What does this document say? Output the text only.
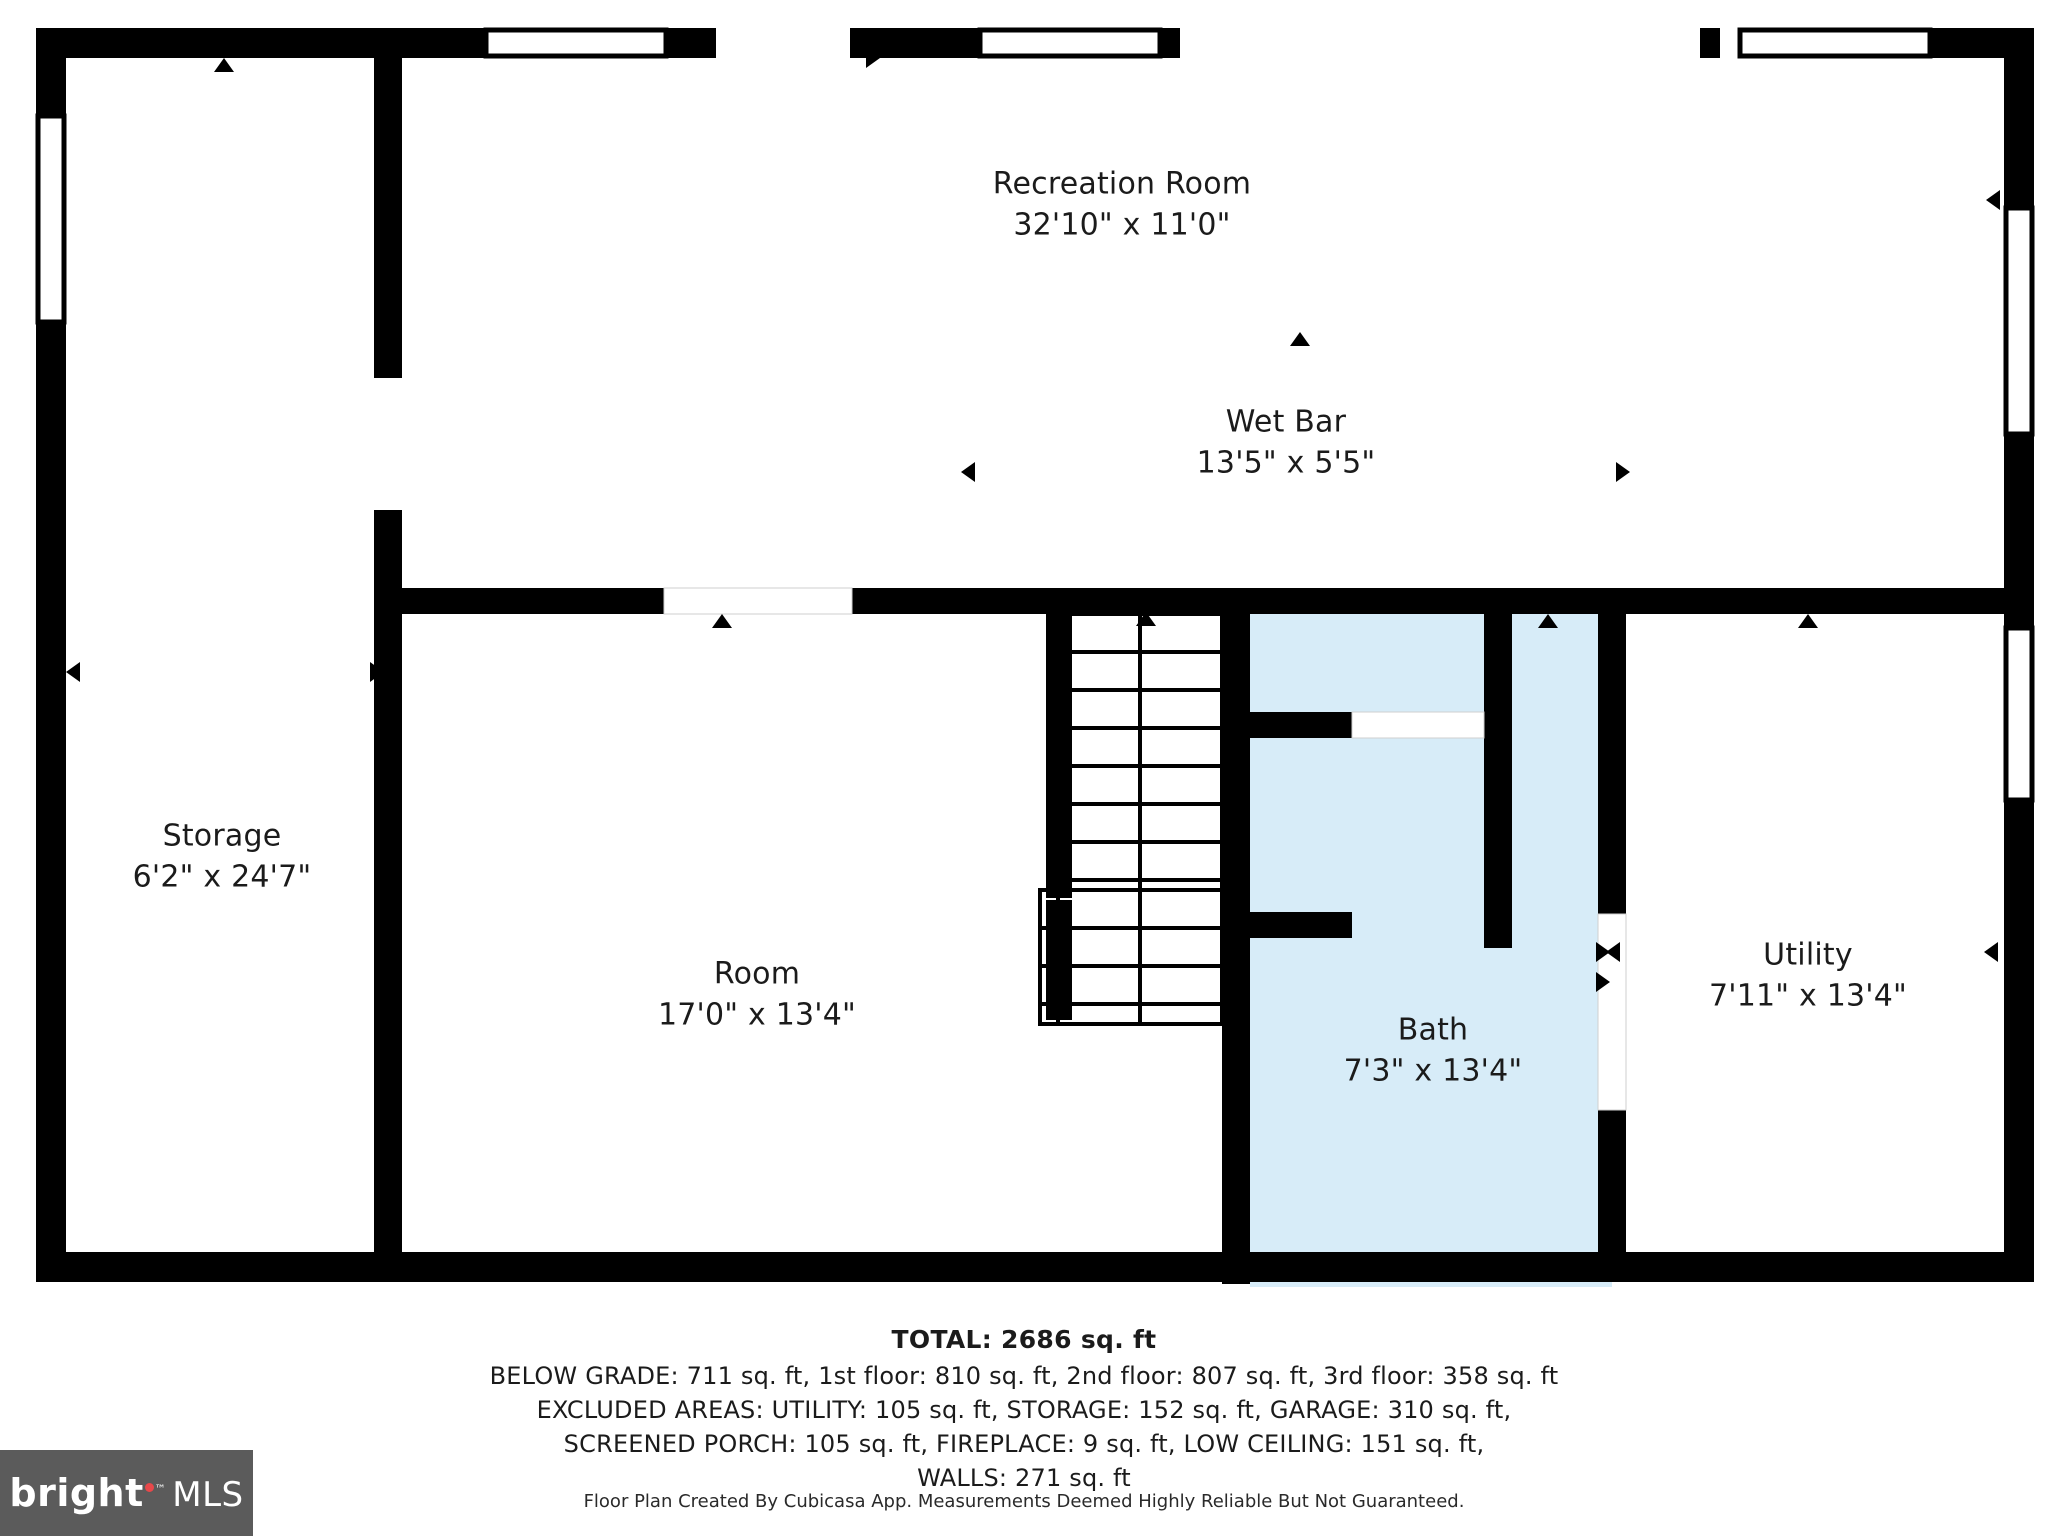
Recreation Room
32'10" x 11'0"
Wet Bar
13'5" x 5'5"
Storage
6'2" x 24'7"
Room
17'0" x 13'4"	Bath
7'3" x 13'4"
Utility
7'11" x 13'4"
TOTAL: 2686 sq. ft
BELOW GRADE: 711 sq. ft, 1st floor: 810 sq. ft, 2nd floor: 807 sq. ft, 3rd floor: 358 sq. ft
EXCLUDED AREAS: UTILITY: 105 sq. ft, STORAGE: 152 sq. ft, GARAGE: 310 sq. ft,
SCREENED PORCH: 105 sq. ft, FIREPLACE: 9 sq. ft, LOW CEILING: 151 sq. ft,
WALLS: 271 sq. ft
Floor Plan Created By Cubicasa App. Measurements Deemed Highly Reliable But Not Guaranteed.
bright ™ MLS
